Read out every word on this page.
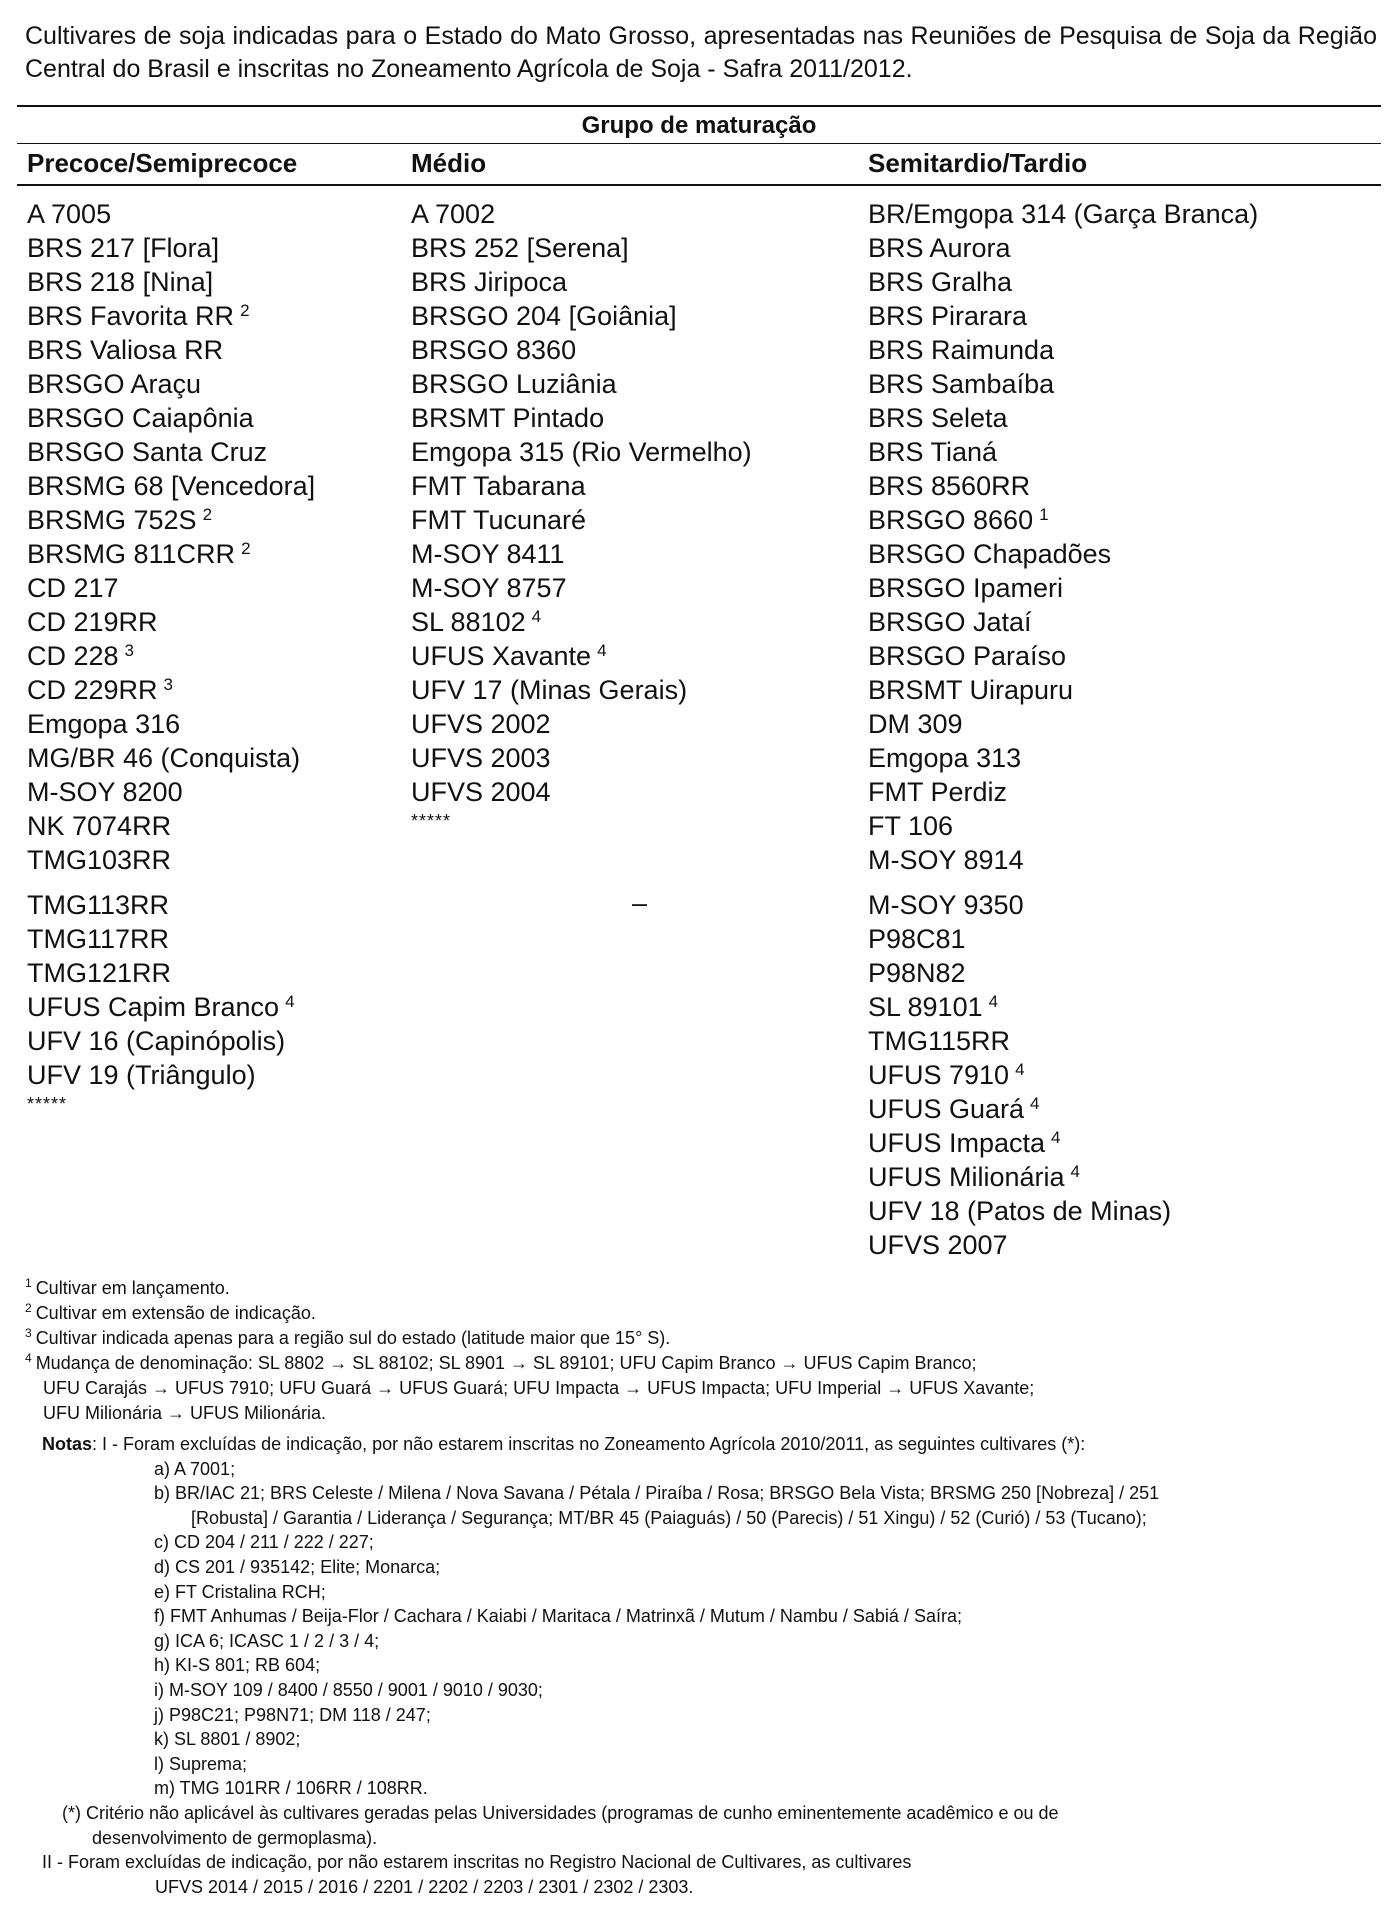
Cultivares de soja indicadas para o Estado do Mato Grosso, apresentadas nas Reuniões de Pesquisa de Soja da Região Central do Brasil e inscritas no Zoneamento Agrícola de Soja - Safra 2011/2012.
Grupo de maturação
Precoce/Semiprecoce	Médio	Semitardio/Tardio
A 7005
BRS 217 [Flora]
BRS 218 [Nina]
BRS Favorita RR $^2$
BRS Valiosa RR
BRSGO Araçu
BRSGO Caiapônia
BRSGO Santa Cruz
BRSMG 68 [Vencedora]
BRSMG 752S $^2$
BRSMG 811CRR $^2$
CD 217
CD 219RR
CD 228 $^3$
CD 229RR $^3$
Emgopa 316
MG/BR 46 (Conquista)
M-SOY 8200
NK 7074RR
TMG103RR
TMG113RR
TMG117RR
TMG121RR
UFUS Capim Branco $^4$
UFV 16 (Capinópolis)
UFV 19 (Triângulo)
*****
A 7002
BRS 252 [Serena]
BRS Jiripoca
BRSGO 204 [Goiânia]
BRSGO 8360
BRSGO Luziânia
BRSMT Pintado
Emgopa 315 (Rio Vermelho)
FMT Tabarana
FMT Tucunaré
M-SOY 8411
M-SOY 8757
SL 88102 $^4$
UFUS Xavante $^4$
UFV 17 (Minas Gerais)
UFVS 2002
UFVS 2003
UFVS 2004
*****
BR/Emgopa 314 (Garça Branca)
BRS Aurora
BRS Gralha
BRS Pirarara
BRS Raimunda
BRS Sambaíba
BRS Seleta
BRS Tianá
BRS 8560RR
BRSGO 8660 $^1$
BRSGO Chapadões
BRSGO Ipameri
BRSGO Jataí
BRSGO Paraíso
BRSMT Uirapuru
DM 309
Emgopa 313
FMT Perdiz
FT 106
M-SOY 8914
M-SOY 9350
P98C81
P98N82
SL 89101 $^4$
TMG115RR
UFUS 7910 $^4$
UFUS Guará $^4$
UFUS Impacta $^4$
UFUS Milionária $^4$
UFV 18 (Patos de Minas)
UFVS 2007
–

$^1$ Cultivar em lançamento.

$^2$ Cultivar em extensão de indicação.

$^3$ Cultivar indicada apenas para a região sul do estado (latitude maior que 15° S).

$^4$ Mudança de denominação: SL 8802 → SL 88102; SL 8901 → SL 89101; UFU Capim Branco → UFUS Capim Branco;

UFU Carajás → UFUS 7910; UFU Guará → UFUS Guará; UFU Impacta → UFUS Impacta; UFU Imperial → UFUS Xavante;

UFU Milionária → UFUS Milionária.

Notas: I - Foram excluídas de indicação, por não estarem inscritas no Zoneamento Agrícola 2010/2011, as seguintes cultivares (*):

a) A 7001;

b) BR/IAC 21; BRS Celeste / Milena / Nova Savana / Pétala / Piraíba / Rosa; BRSGO Bela Vista; BRSMG 250 [Nobreza] / 251

[Robusta] / Garantia / Liderança / Segurança; MT/BR 45 (Paiaguás) / 50 (Parecis) / 51 Xingu) / 52 (Curió) / 53 (Tucano);

c) CD 204 / 211 / 222 / 227;

d) CS 201 / 935142; Elite; Monarca;

e) FT Cristalina RCH;

f) FMT Anhumas / Beija-Flor / Cachara / Kaiabi / Maritaca / Matrinxã / Mutum / Nambu / Sabiá / Saíra;

g) ICA 6; ICASC 1 / 2 / 3 / 4;

h) KI-S 801; RB 604;

i) M-SOY 109 / 8400 / 8550 / 9001 / 9010 / 9030;

j) P98C21; P98N71; DM 118 / 247;

k) SL 8801 / 8902;

l) Suprema;

m) TMG 101RR / 106RR / 108RR.

(*) Critério não aplicável às cultivares geradas pelas Universidades (programas de cunho eminentemente acadêmico e ou de

desenvolvimento de germoplasma).

II - Foram excluídas de indicação, por não estarem inscritas no Registro Nacional de Cultivares, as cultivares

UFVS 2014 / 2015 / 2016 / 2201 / 2202 / 2203 / 2301 / 2302 / 2303.
